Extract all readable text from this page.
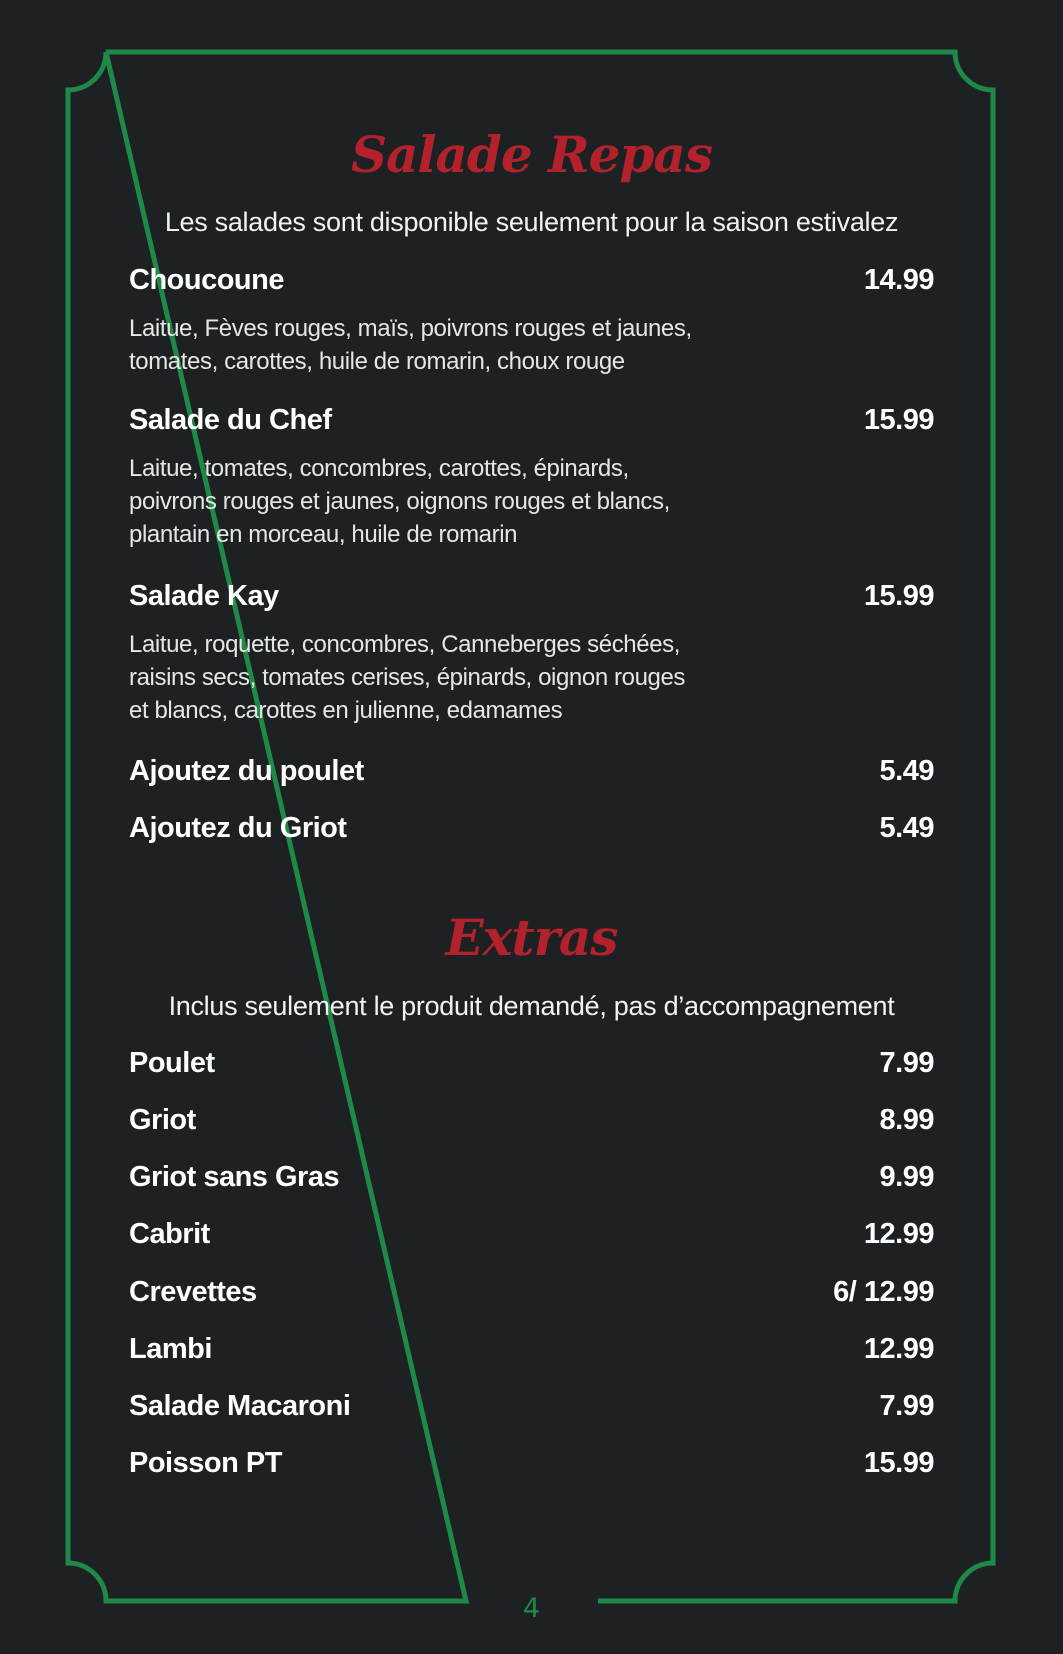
4
Salade Repas
Les salades sont disponible seulement pour la saison estivalez
Choucoune	14.99
Laitue, Fèves rouges, maïs, poivrons rouges et jaunes,
tomates, carottes, huile de romarin, choux rouge
Salade du Chef	15.99
Laitue, tomates, concombres, carottes, épinards,
poivrons rouges et jaunes, oignons rouges et blancs,
plantain en morceau, huile de romarin
Salade Kay	15.99
Laitue, roquette, concombres, Canneberges séchées,
raisins secs, tomates cerises, épinards, oignon rouges
et blancs, carottes en julienne, edamames
Ajoutez du poulet	5.49
Ajoutez du Griot	5.49
Extras
Inclus seulement le produit demandé, pas d’accompagnement
Poulet	7.99
Griot	8.99
Griot sans Gras	9.99
Cabrit	12.99
Crevettes	6/ 12.99
Lambi	12.99
Salade Macaroni	7.99
Poisson PT	15.99
